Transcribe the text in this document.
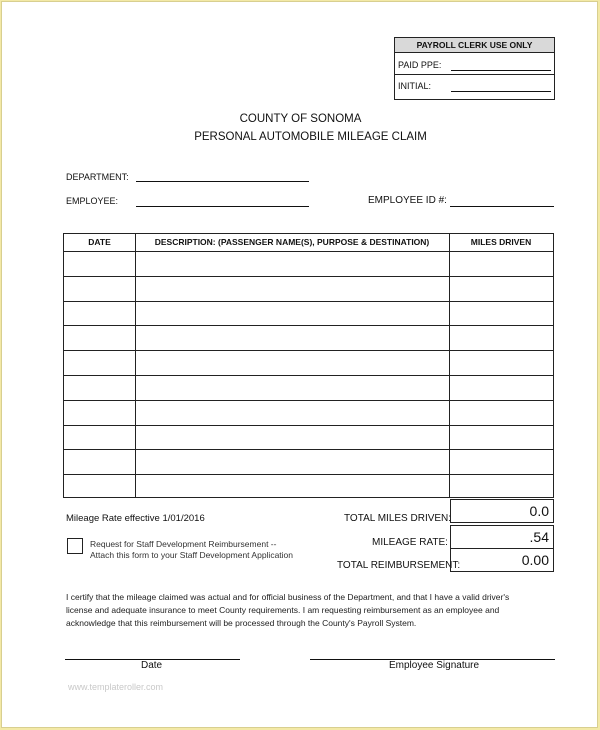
PAYROLL CLERK USE ONLY
PAID PPE:
INITIAL:
COUNTY OF SONOMA
PERSONAL AUTOMOBILE MILEAGE CLAIM
DEPARTMENT:
EMPLOYEE:	EMPLOYEE ID #:
DATE	DESCRIPTION: (PASSENGER NAME(S), PURPOSE & DESTINATION)	MILES DRIVEN
Mileage Rate effective 1/01/2016
Request for Staff Development Reimbursement --
Attach this form to your Staff Development Application
TOTAL MILES DRIVEN:	0.0
MILEAGE RATE:	.54
TOTAL REIMBURSEMENT:	0.00
I certify that the mileage claimed was actual and for official business of the Department, and that I have a valid driver's
license and adequate insurance to meet County requirements. I am requesting reimbursement as an employee and
acknowledge that this reimbursement will be processed through the County's Payroll System.
Date	Employee Signature
www.templateroller.com
